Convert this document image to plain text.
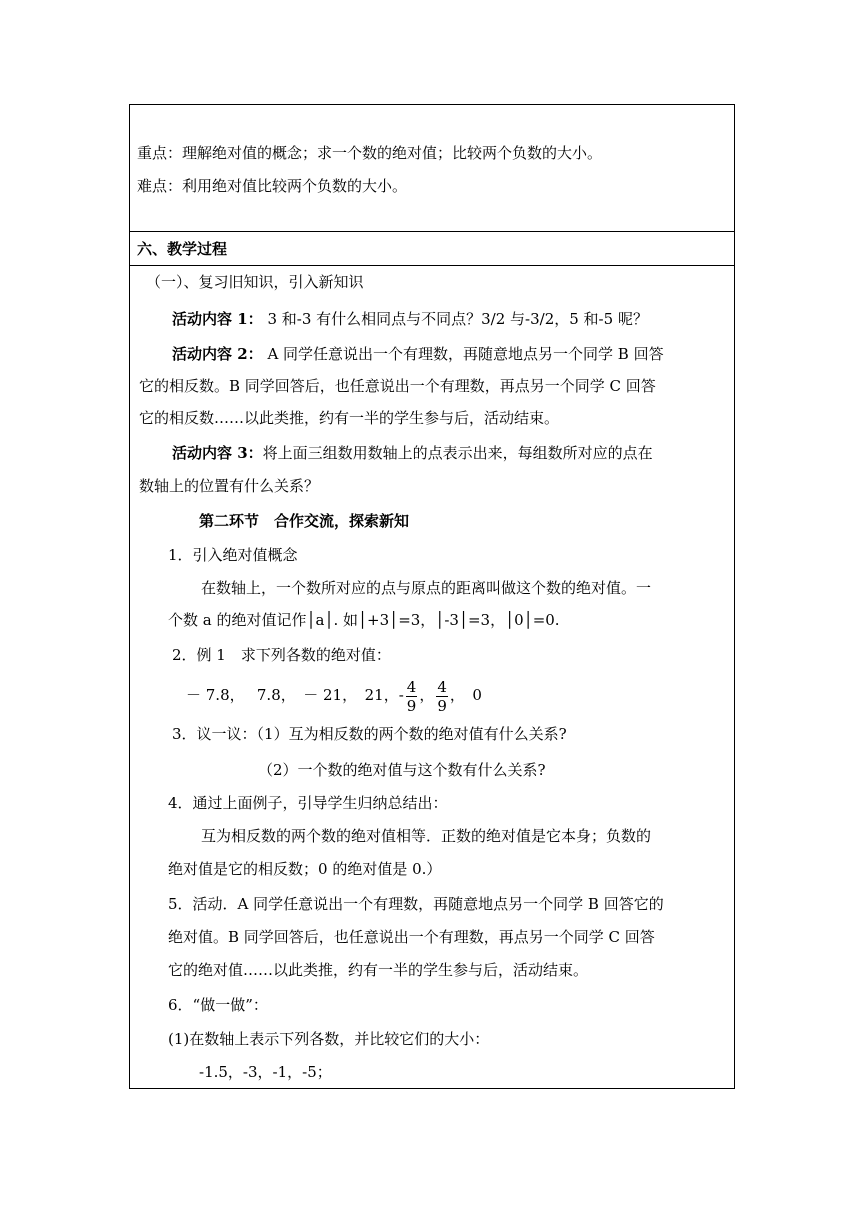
重点：理解绝对值的概念；求一个数的绝对值；比较两个负数的大小。
难点：利用绝对值比较两个负数的大小。
六、教学过程
（一）、复习旧知识，引入新知识
活动内容 1： 3 和-3 有什么相同点与不同点？3/2 与-3/2，5 和-5 呢？
活动内容 2： A 同学任意说出一个有理数，再随意地点另一个同学 B 回答
它的相反数。B 同学回答后，也任意说出一个有理数，再点另一个同学 C 回答
它的相反数……以此类推，约有一半的学生参与后，活动结束。
活动内容 3：将上面三组数用数轴上的点表示出来，每组数所对应的点在
数轴上的位置有什么关系？
第二环节　合作交流，探索新知
1．引入绝对值概念
在数轴上，一个数所对应的点与原点的距离叫做这个数的绝对值。一
个数 a 的绝对值记作│a│. 如│+3│=3，│-3│=3，│0│=0.
2．例 1　求下列各数的绝对值：
－ 7.8，　 7.8，　－ 21，　21，- $\frac{4}{9}$ ， $\frac{4}{9}$ ，　0
3．议一议：（1）互为相反数的两个数的绝对值有什么关系?
（2）一个数的绝对值与这个数有什么关系?
4．通过上面例子，引导学生归纳总结出：
互为相反数的两个数的绝对值相等．正数的绝对值是它本身；负数的
绝对值是它的相反数；0 的绝对值是 0.）
5．活动．A 同学任意说出一个有理数，再随意地点另一个同学 B 回答它的
绝对值。B 同学回答后，也任意说出一个有理数，再点另一个同学 C 回答
它的绝对值……以此类推，约有一半的学生参与后，活动结束。
6．“做一做”：
(1)在数轴上表示下列各数，并比较它们的大小：
-1.5，-3，-1，-5；
